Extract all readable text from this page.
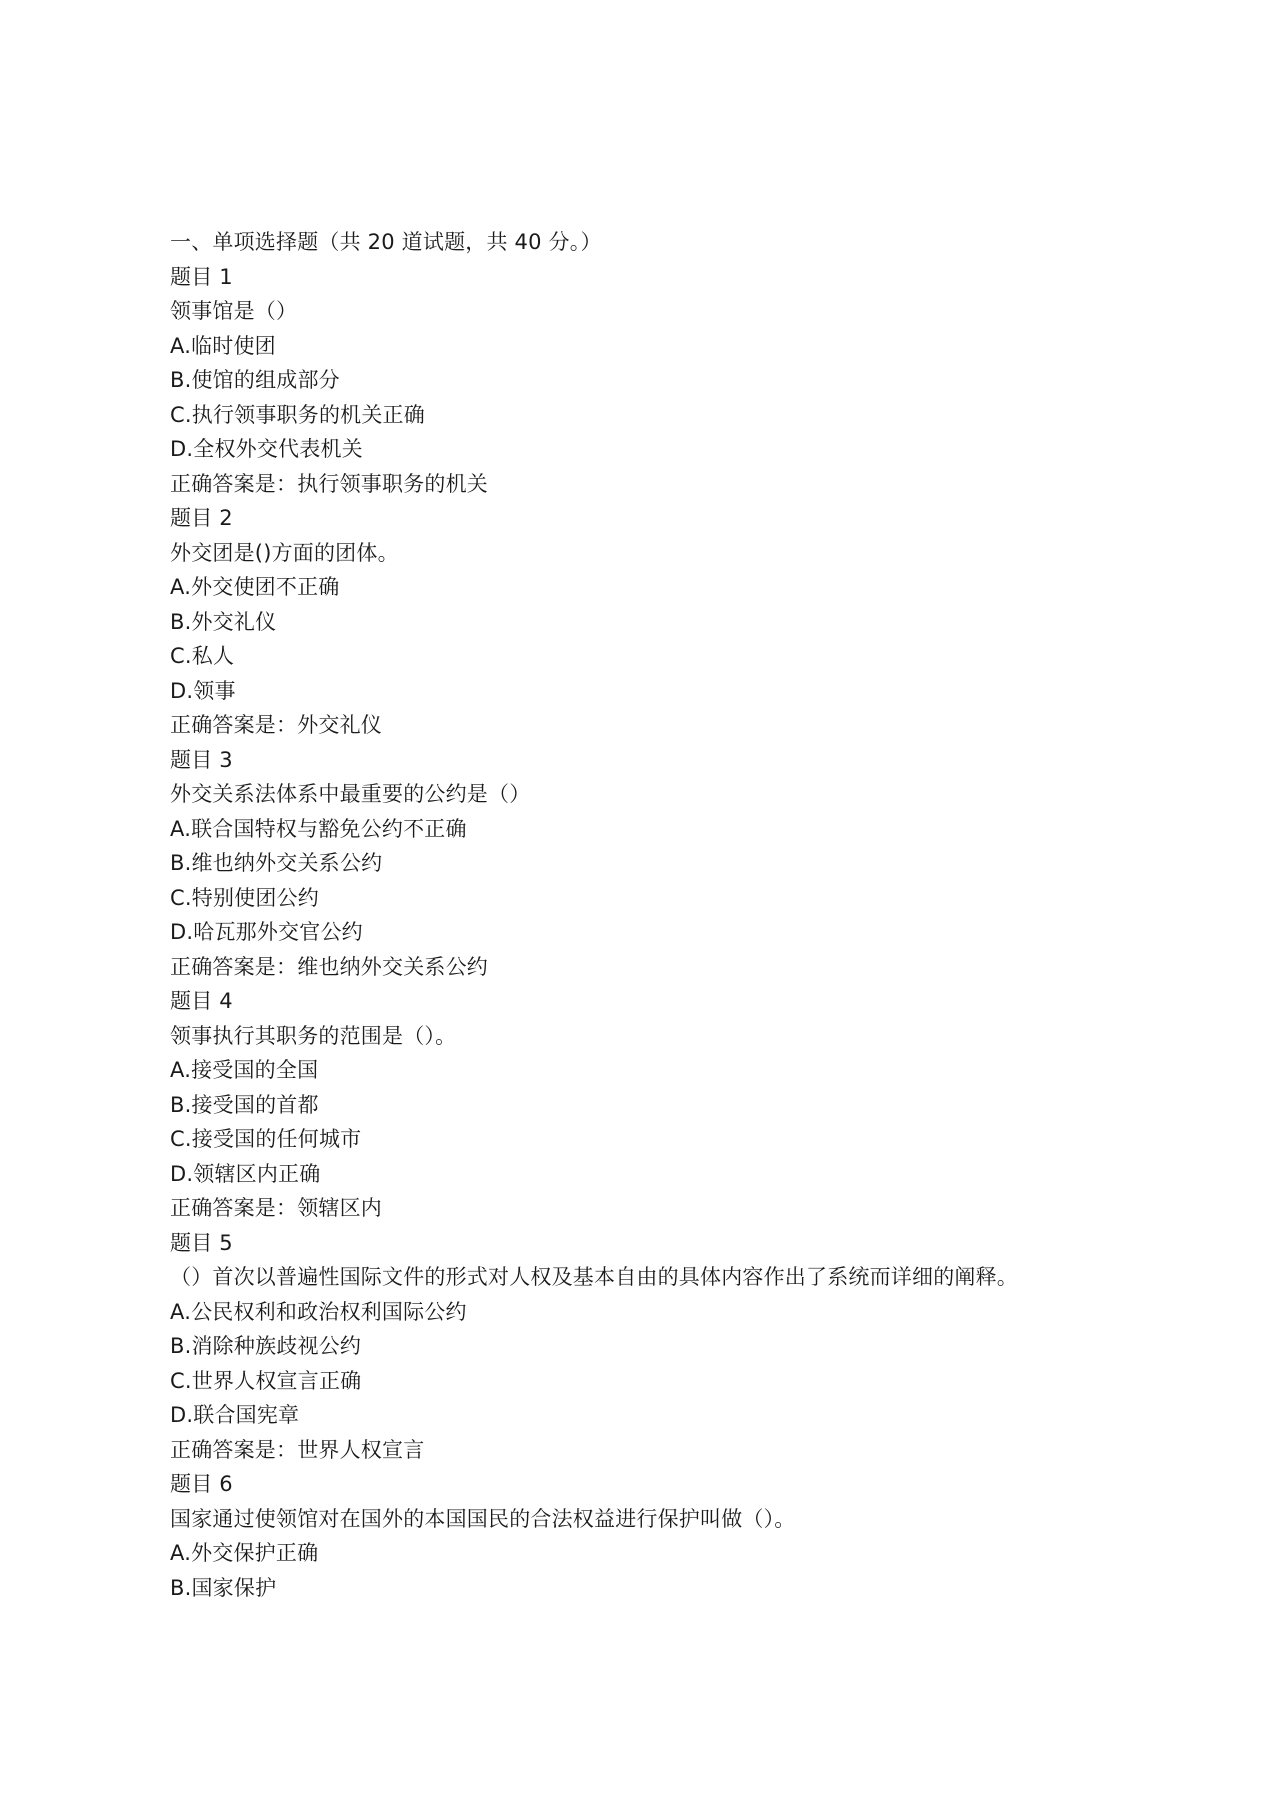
一、单项选择题（共 20 道试题，共 40 分。）
题目 1
领事馆是（）
A.临时使团
B.使馆的组成部分
C.执行领事职务的机关正确
D.全权外交代表机关
正确答案是：执行领事职务的机关
题目 2
外交团是()方面的团体。
A.外交使团不正确
B.外交礼仪
C.私人
D.领事
正确答案是：外交礼仪
题目 3
外交关系法体系中最重要的公约是（）
A.联合国特权与豁免公约不正确
B.维也纳外交关系公约
C.特别使团公约
D.哈瓦那外交官公约
正确答案是：维也纳外交关系公约
题目 4
领事执行其职务的范围是（）。
A.接受国的全国
B.接受国的首都
C.接受国的任何城市
D.领辖区内正确
正确答案是：领辖区内
题目 5
（）首次以普遍性国际文件的形式对人权及基本自由的具体内容作出了系统而详细的阐释。
A.公民权利和政治权利国际公约
B.消除种族歧视公约
C.世界人权宣言正确
D.联合国宪章
正确答案是：世界人权宣言
题目 6
国家通过使领馆对在国外的本国国民的合法权益进行保护叫做（）。
A.外交保护正确
B.国家保护
